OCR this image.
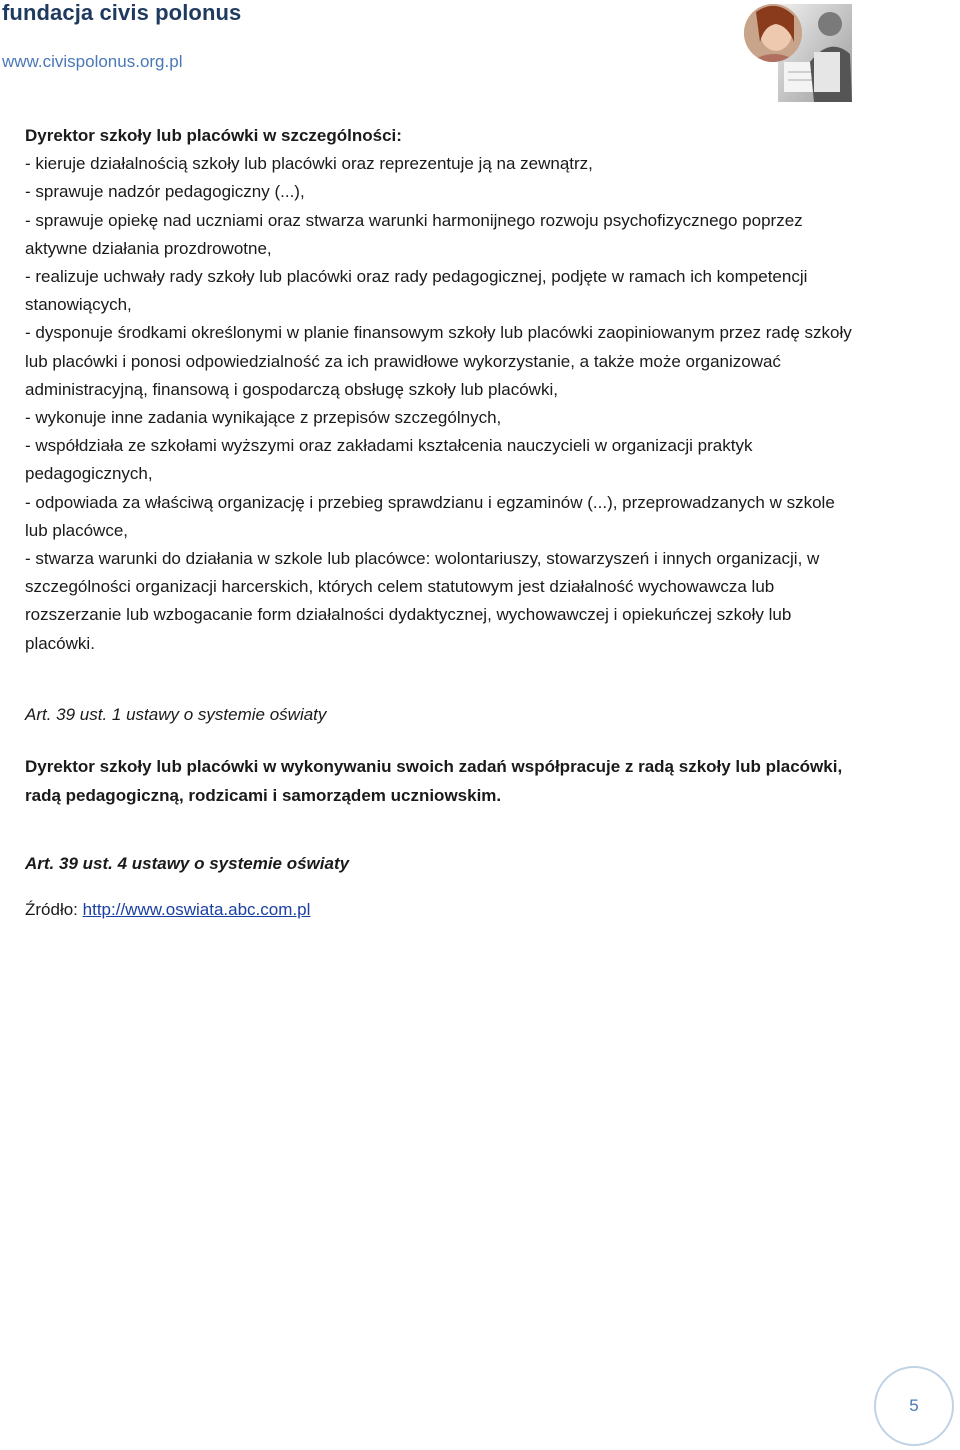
fundacja civis polonus
www.civispolonus.org.pl

Dyrektor szkoły lub placówki w szczególności:

- kieruje działalnością szkoły lub placówki oraz reprezentuje ją na zewnątrz,
- sprawuje nadzór pedagogiczny (...),
- sprawuje opiekę nad uczniami oraz stwarza warunki harmonijnego rozwoju psychofizycznego poprzez aktywne działania prozdrowotne,
- realizuje uchwały rady szkoły lub placówki oraz rady pedagogicznej, podjęte w ramach ich kompetencji stanowiących,
- dysponuje środkami określonymi w planie finansowym szkoły lub placówki zaopiniowanym przez radę szkoły lub placówki i ponosi odpowiedzialność za ich prawidłowe wykorzystanie, a także może organizować administracyjną, finansową i gospodarczą obsługę szkoły lub placówki,
- wykonuje inne zadania wynikające z przepisów szczególnych,
- współdziała ze szkołami wyższymi oraz zakładami kształcenia nauczycieli w organizacji praktyk pedagogicznych,
- odpowiada za właściwą organizację i przebieg sprawdzianu i egzaminów (...), przeprowadzanych w szkole lub placówce,
- stwarza warunki do działania w szkole lub placówce: wolontariuszy, stowarzyszeń i innych organizacji, w szczególności organizacji harcerskich, których celem statutowym jest działalność wychowawcza lub rozszerzanie lub wzbogacanie form działalności dydaktycznej, wychowawczej i opiekuńczej szkoły lub placówki.
Art. 39 ust. 1 ustawy o systemie oświaty
Dyrektor szkoły lub placówki w wykonywaniu swoich zadań współpracuje z radą szkoły lub placówki, radą pedagogiczną, rodzicami i samorządem uczniowskim.
Art. 39 ust. 4 ustawy o systemie oświaty
Źródło: http://www.oswiata.abc.com.pl
5
